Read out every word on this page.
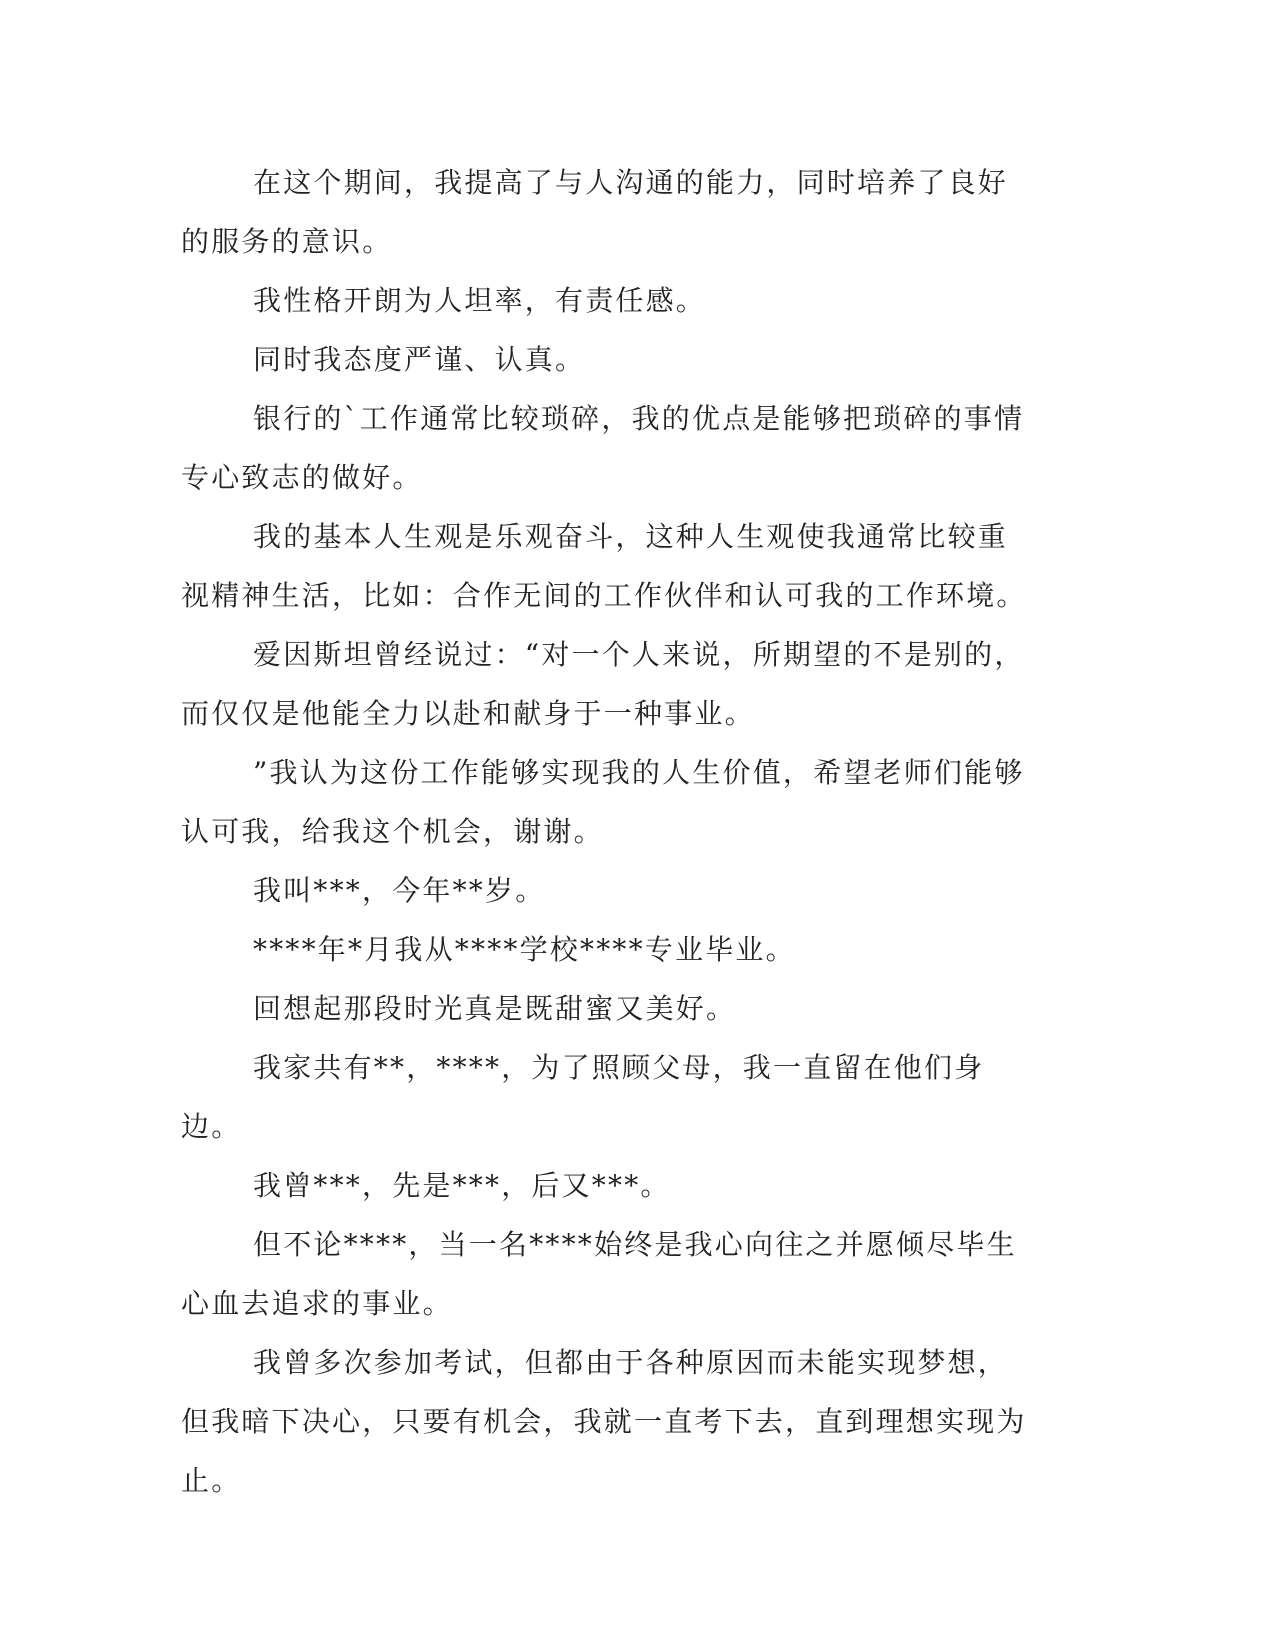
在这个期间，我提高了与人沟通的能力，同时培养了良好的服务的意识。

我性格开朗为人坦率，有责任感。

同时我态度严谨、认真。

银行的`工作通常比较琐碎，我的优点是能够把琐碎的事情专心致志的做好。

我的基本人生观是乐观奋斗，这种人生观使我通常比较重视精神生活，比如：合作无间的工作伙伴和认可我的工作环境。

爱因斯坦曾经说过：“对一个人来说，所期望的不是别的，而仅仅是他能全力以赴和献身于一种事业。

”我认为这份工作能够实现我的人生价值，希望老师们能够认可我，给我这个机会，谢谢。

我叫***，今年**岁。

****年*月我从****学校****专业毕业。

回想起那段时光真是既甜蜜又美好。

我家共有**，****，为了照顾父母，我一直留在他们身边。

我曾***，先是***，后又***。

但不论****，当一名****始终是我心向往之并愿倾尽毕生心血去追求的事业。

我曾多次参加考试，但都由于各种原因而未能实现梦想，但我暗下决心，只要有机会，我就一直考下去，直到理想实现为止。
